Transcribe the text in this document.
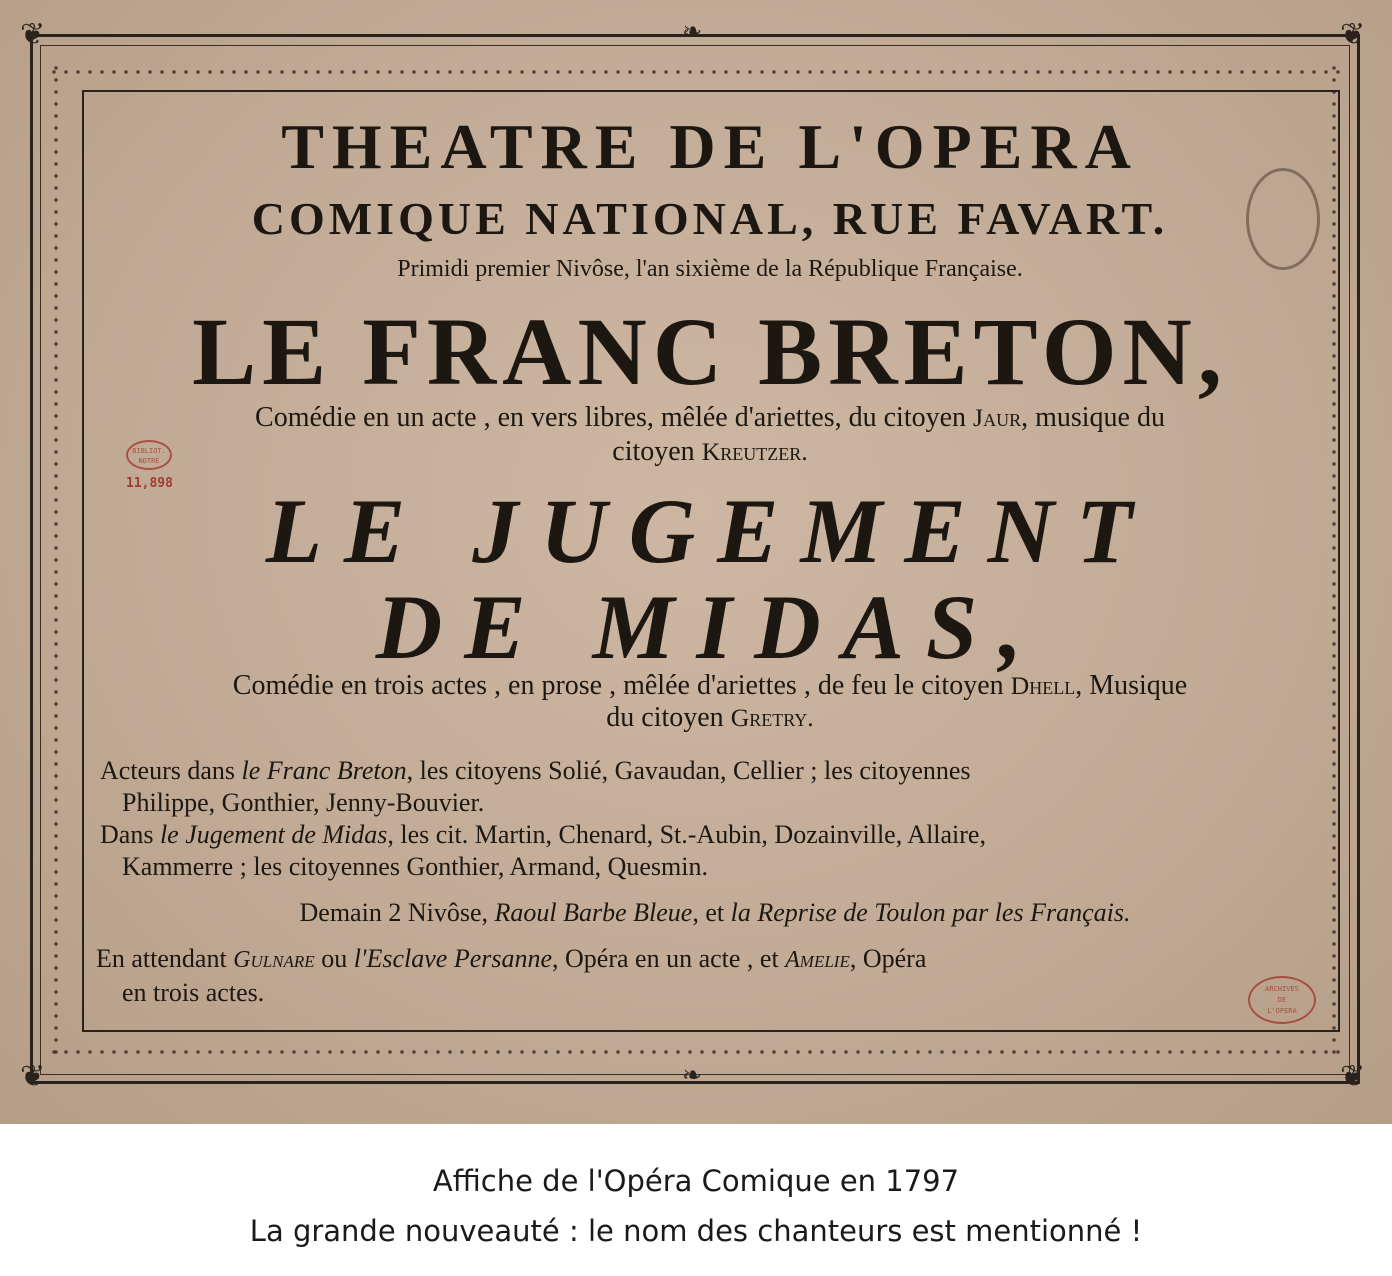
❦	❦
❦	❦
❧
❧
BIBLIOT.
NOTRE
11,898
ARCHIVES
DE
L'OPERA
THEATRE DE L'OPERA
COMIQUE NATIONAL, RUE FAVART.
Primidi premier Nivôse, l'an sixième de la République Française.
LE FRANC BRETON,
Comédie en un acte , en vers libres, mêlée d'ariettes, du citoyen Jaur, musique du
citoyen Kreutzer.
LE JUGEMENT
DE MIDAS,
Comédie en trois actes , en prose , mêlée d'ariettes , de feu le citoyen Dhell, Musique
du citoyen Gretry.
Acteurs dans le Franc Breton, les citoyens Solié, Gavaudan, Cellier ; les citoyennes
Philippe, Gonthier, Jenny-Bouvier.
Dans le Jugement de Midas, les cit. Martin, Chenard, St.-Aubin, Dozainville, Allaire,
Kammerre ; les citoyennes Gonthier, Armand, Quesmin.
Demain 2 Nivôse, Raoul Barbe Bleue, et la Reprise de Toulon par les Français.
En attendant Gulnare ou l'Esclave Persanne, Opéra en un acte , et Amelie, Opéra
en trois actes.
Affiche de l'Opéra Comique en 1797
La grande nouveauté : le nom des chanteurs est mentionné !
